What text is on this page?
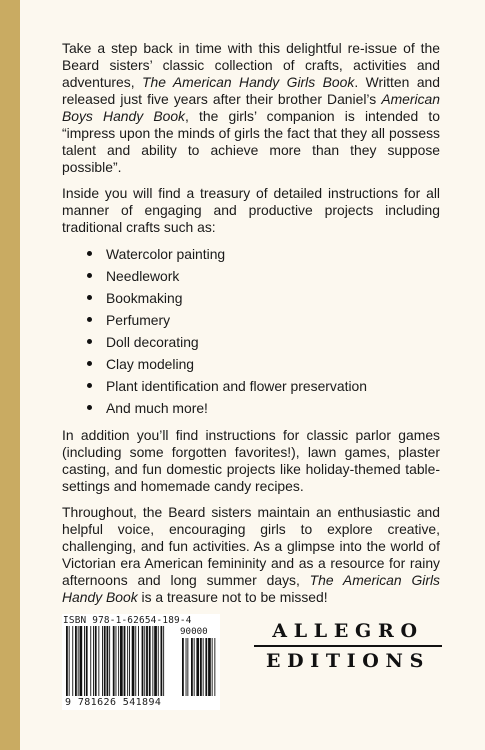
Take a step back in time with this delightful re-issue of the Beard sisters’ classic collection of crafts, activities and adventures, The American Handy Girls Book. Written and released just five years after their brother Daniel’s American Boys Handy Book, the girls’ companion is intended to “impress upon the minds of girls the fact that they all possess talent and ability to achieve more than they suppose possible”.

Inside you will find a treasury of detailed instructions for all manner of engaging and productive projects including traditional crafts such as:

Watercolor painting
Needlework
Bookmaking
Perfumery
Doll decorating
Clay modeling
Plant identification and flower preservation
And much more!

In addition you’ll find instructions for classic parlor games (including some forgotten favorites!), lawn games, plaster casting, and fun domestic projects like holiday-themed table-settings and homemade candy recipes.

Throughout, the Beard sisters maintain an enthusiastic and helpful voice, encouraging girls to explore creative, challenging, and fun activities. As a glimpse into the world of Victorian era American femininity and as a resource for rainy afternoons and long summer days, The American Girls Handy Book is a treasure not to be missed!

ISBN 978-1-62654-189-4
90000
9 781626 541894
ALLEGRO
EDITIONS
